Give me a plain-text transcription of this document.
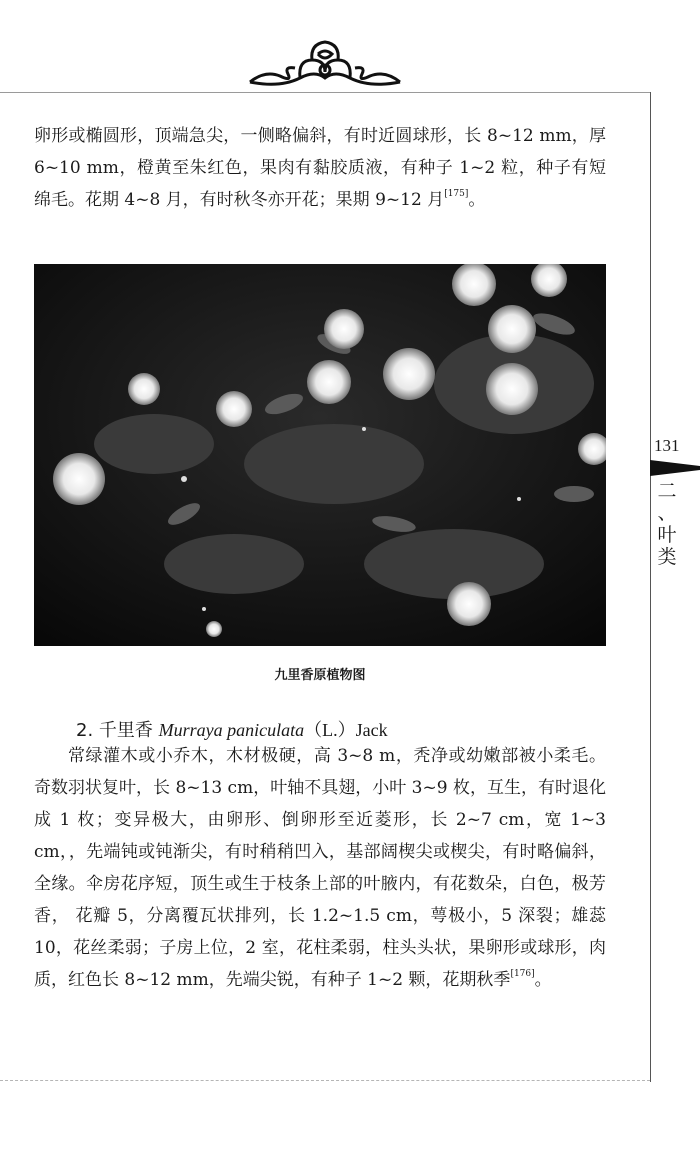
131
二
、
叶
类

卵形或椭圆形，顶端急尖，一侧略偏斜，有时近圆球形，长 8~12 mm，厚 6~10 mm，橙黄至朱红色，果肉有黏胶质液，有种子 1~2 粒，种子有短绵毛。花期 4~8 月，有时秋冬亦开花；果期 9~12 月[175]。

九里香原植物图
2. 千里香 Murraya paniculata（L.）Jack

常绿灌木或小乔木，木材极硬，高 3~8 m，秃净或幼嫩部被小柔毛。奇数羽状复叶，长 8~13 cm，叶轴不具翅，小叶 3~9 枚，互生，有时退化成 1 枚；变异极大，由卵形、倒卵形至近菱形，长 2~7 cm，宽 1~3 cm，，先端钝或钝渐尖，有时稍稍凹入，基部阔楔尖或楔尖，有时略偏斜，全缘。伞房花序短，顶生或生于枝条上部的叶腋内，有花数朵，白色，极芳香， 花瓣 5，分离覆瓦状排列，长 1.2~1.5 cm，萼极小，5 深裂；雄蕊 10，花丝柔弱；子房上位，2 室，花柱柔弱，柱头头状，果卵形或球形，肉质，红色长 8~12 mm，先端尖锐，有种子 1~2 颗，花期秋季[176]。
